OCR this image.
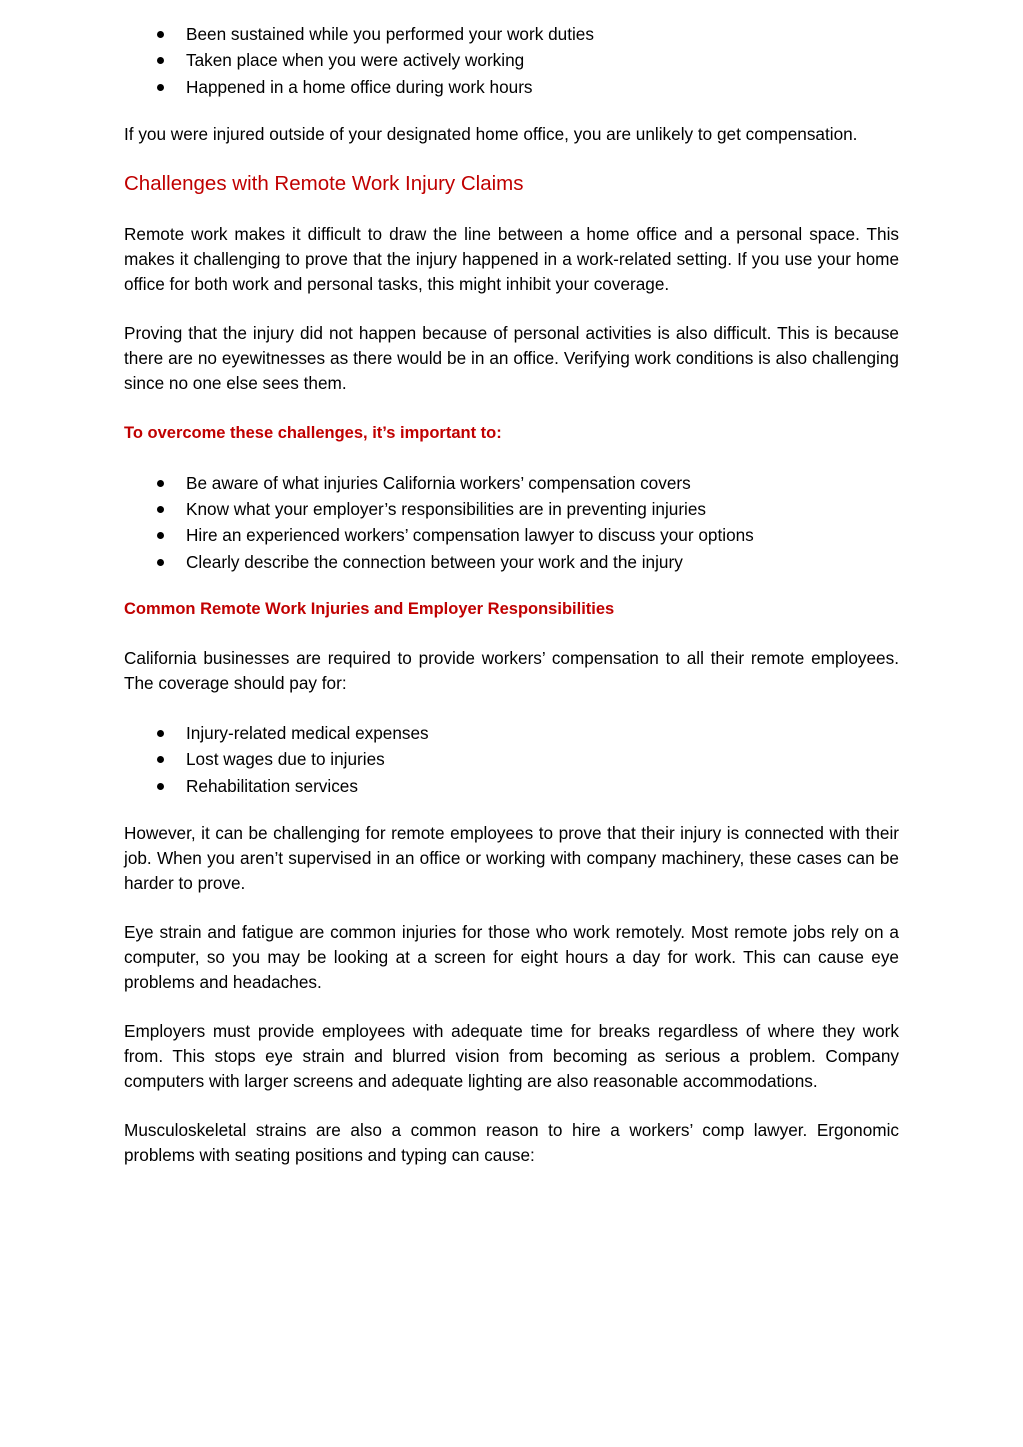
Been sustained while you performed your work duties
Taken place when you were actively working
Happened in a home office during work hours

If you were injured outside of your designated home office, you are unlikely to get compensation.

Challenges with Remote Work Injury Claims

Remote work makes it difficult to draw the line between a home office and a personal space. This makes it challenging to prove that the injury happened in a work-related setting. If you use your home office for both work and personal tasks, this might inhibit your coverage.

Proving that the injury did not happen because of personal activities is also difficult. This is because there are no eyewitnesses as there would be in an office. Verifying work conditions is also challenging since no one else sees them.

To overcome these challenges, it’s important to:
Be aware of what injuries California workers’ compensation covers
Know what your employer’s responsibilities are in preventing injuries
Hire an experienced workers’ compensation lawyer to discuss your options
Clearly describe the connection between your work and the injury
Common Remote Work Injuries and Employer Responsibilities

California businesses are required to provide workers’ compensation to all their remote employees. The coverage should pay for:

Injury-related medical expenses
Lost wages due to injuries
Rehabilitation services

However, it can be challenging for remote employees to prove that their injury is connected with their job. When you aren’t supervised in an office or working with company machinery, these cases can be harder to prove.

Eye strain and fatigue are common injuries for those who work remotely. Most remote jobs rely on a computer, so you may be looking at a screen for eight hours a day for work. This can cause eye problems and headaches.

Employers must provide employees with adequate time for breaks regardless of where they work from. This stops eye strain and blurred vision from becoming as serious a problem. Company computers with larger screens and adequate lighting are also reasonable accommodations.

Musculoskeletal strains are also a common reason to hire a workers’ comp lawyer. Ergonomic problems with seating positions and typing can cause:
